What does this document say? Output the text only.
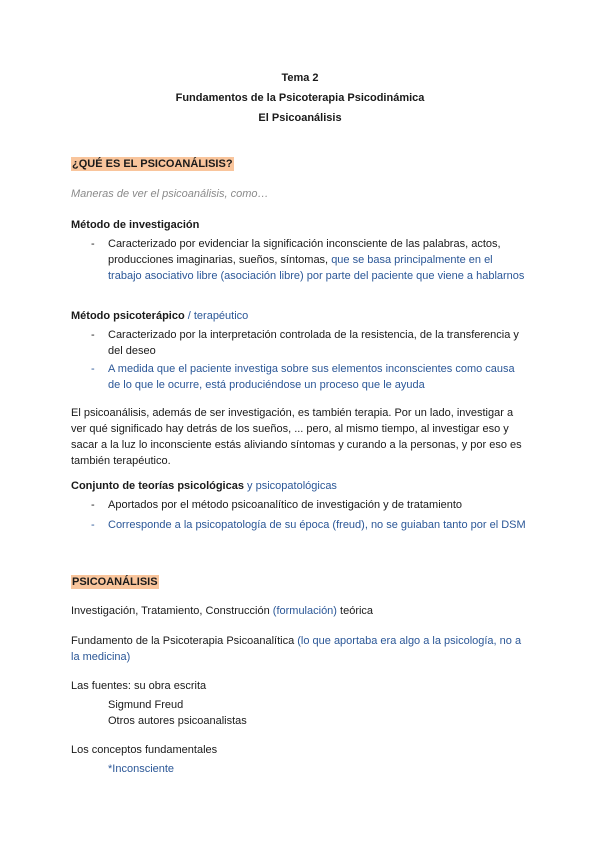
Tema 2
Fundamentos de la Psicoterapia Psicodinámica
El Psicoanálisis
¿QUÉ ES EL PSICOANÁLISIS?
Maneras de ver el psicoanálisis, como…
Método de investigación
- Caracterizado por evidenciar la significación inconsciente de las palabras, actos, producciones imaginarias, sueños, síntomas, que se basa principalmente en el trabajo asociativo libre (asociación libre) por parte del paciente que viene a hablarnos
Método psicoterápico / terapéutico
- Caracterizado por la interpretación controlada de la resistencia, de la transferencia y del deseo
- A medida que el paciente investiga sobre sus elementos inconscientes como causa de lo que le ocurre, está produciéndose un proceso que le ayuda
El psicoanálisis, además de ser investigación, es también terapia. Por un lado, investigar a ver qué significado hay detrás de los sueños, ... pero, al mismo tiempo, al investigar eso y sacar a la luz lo inconsciente estás aliviando síntomas y curando a la personas, y por eso es también terapéutico.
Conjunto de teorías psicológicas y psicopatológicas
- Aportados por el método psicoanalítico de investigación y de tratamiento
- Corresponde a la psicopatología de su época (freud), no se guiaban tanto por el DSM
PSICOANÁLISIS
Investigación, Tratamiento, Construcción (formulación) teórica
Fundamento de la Psicoterapia Psicoanalítica (lo que aportaba era algo a la psicología, no a la medicina)
Las fuentes: su obra escrita
Sigmund Freud
Otros autores psicoanalistas
Los conceptos fundamentales
*Inconsciente
